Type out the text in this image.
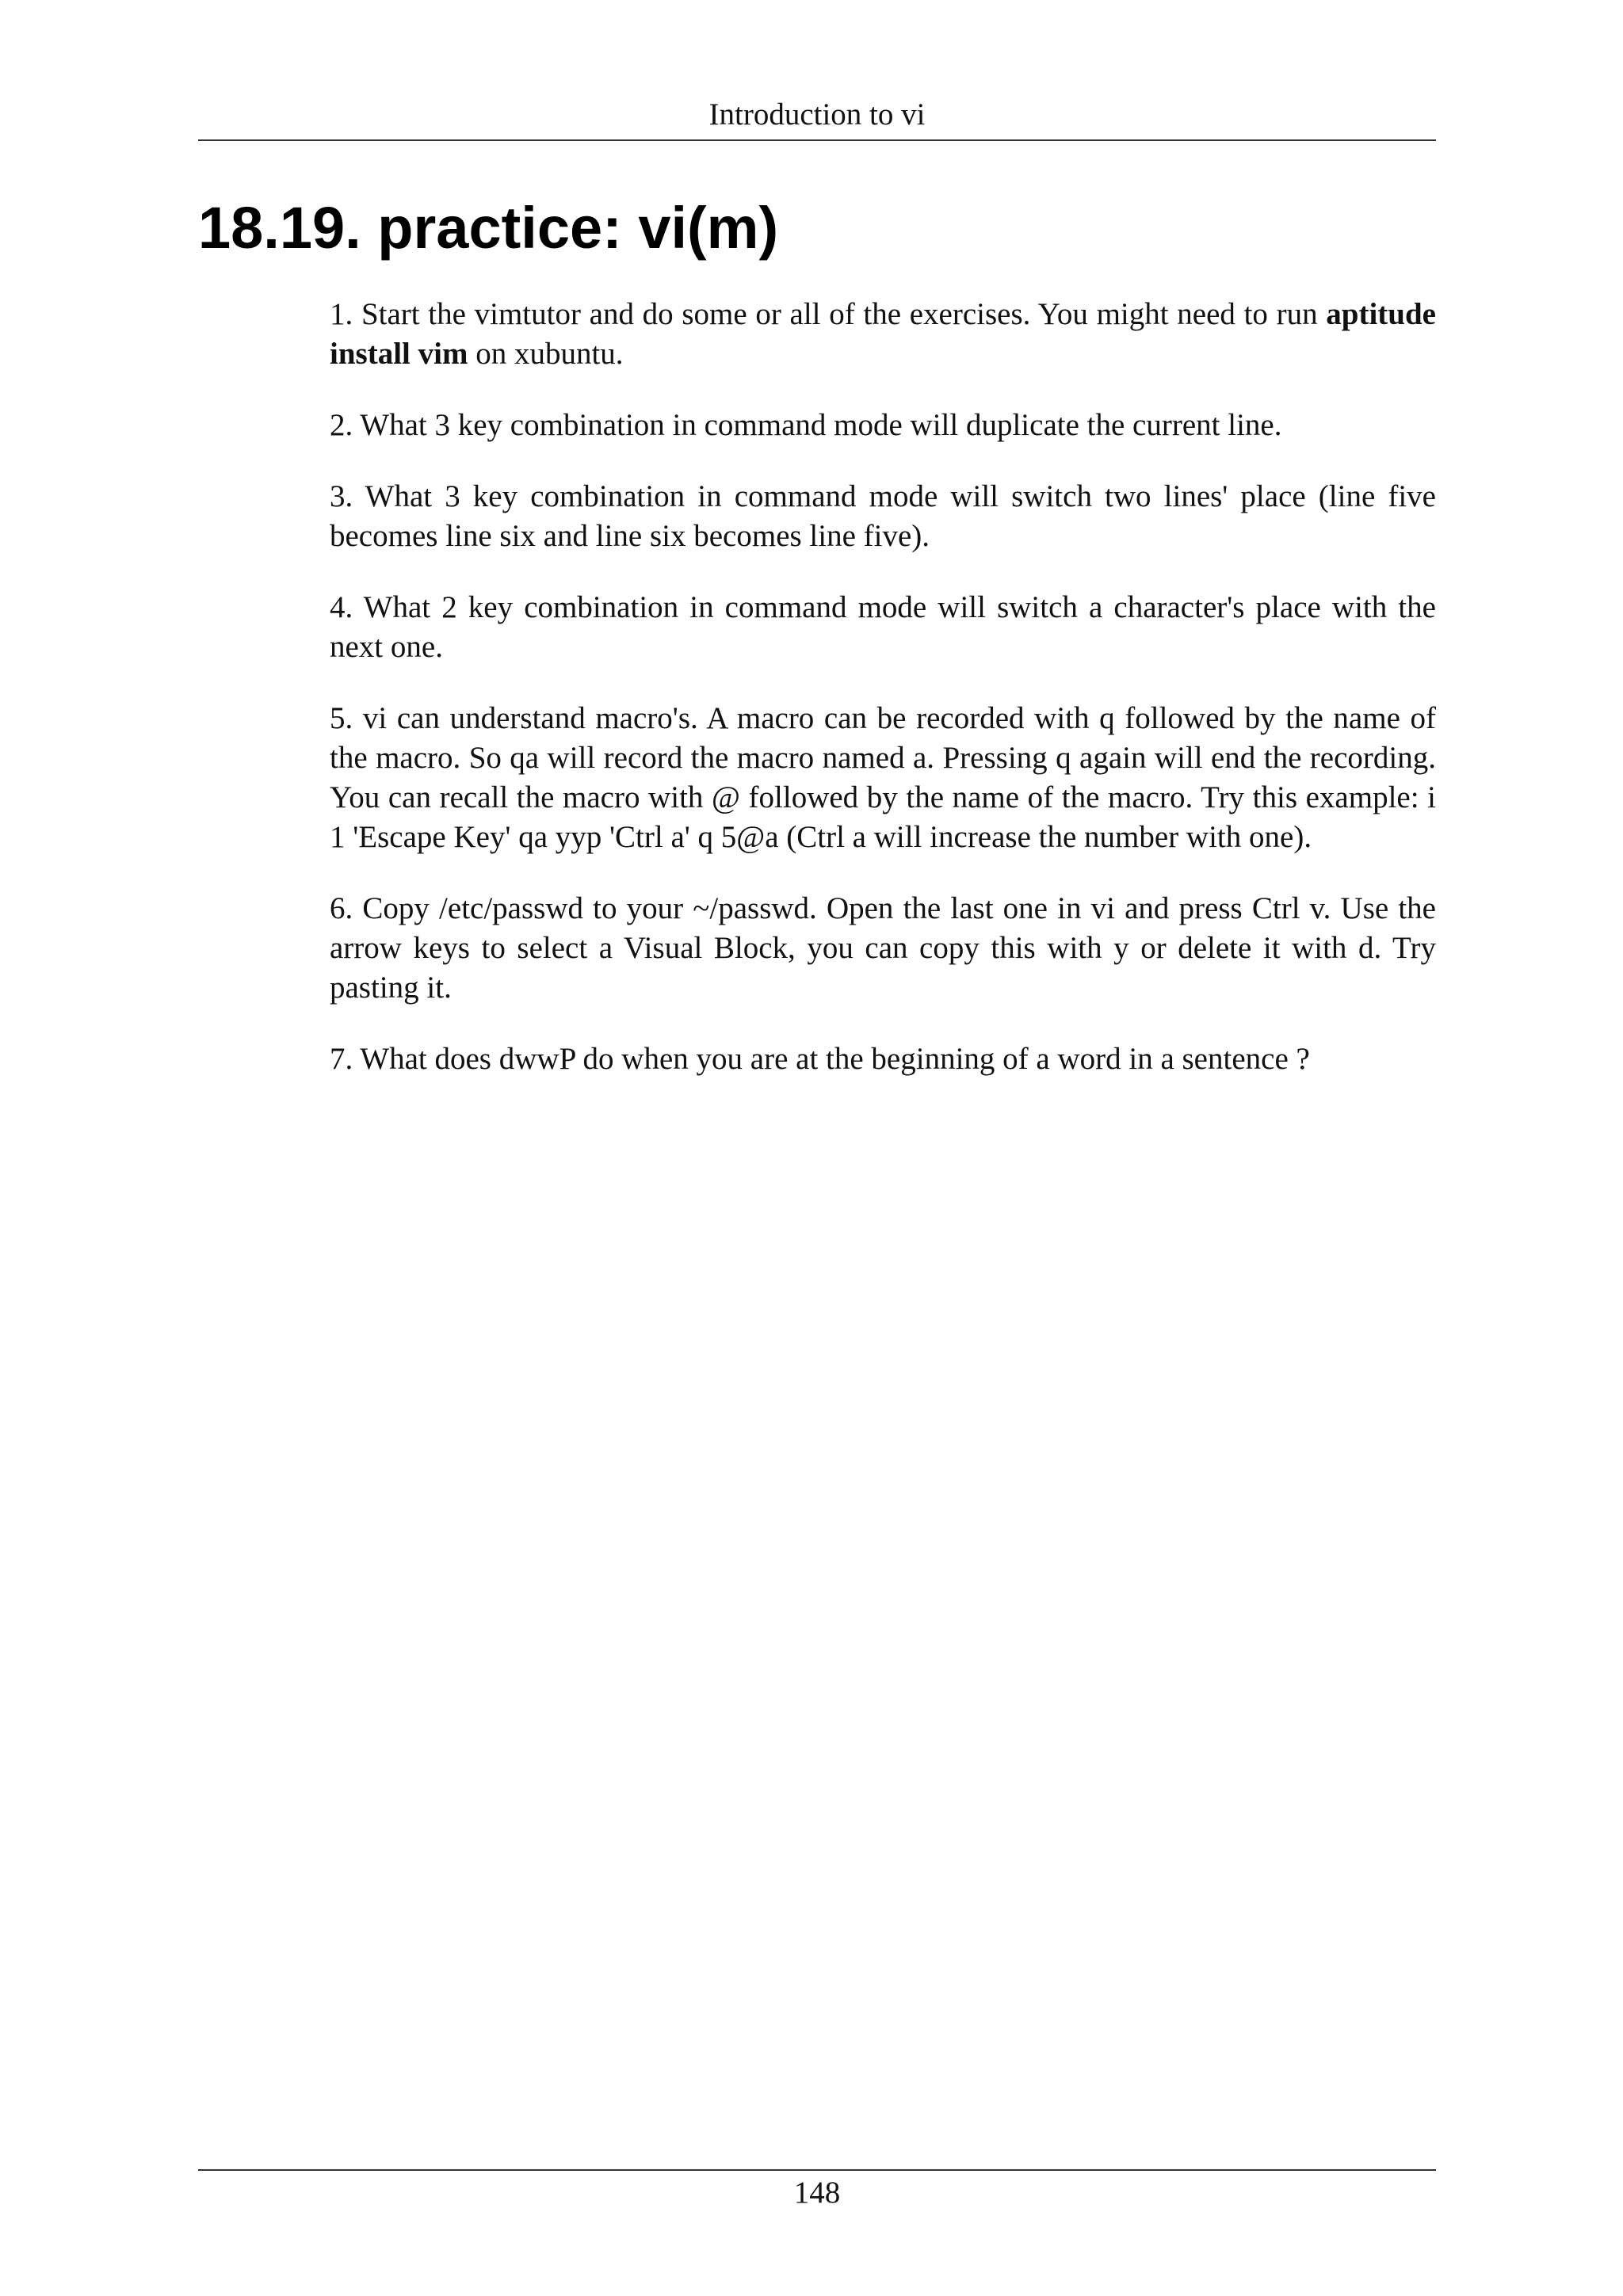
Introduction to vi
18.19. practice: vi(m)

1. Start the vimtutor and do some or all of the exercises. You might need to run aptitude install vim on xubuntu.

2. What 3 key combination in command mode will duplicate the current line.

3. What 3 key combination in command mode will switch two lines' place (line five becomes line six and line six becomes line five).

4. What 2 key combination in command mode will switch a character's place with the next one.

5. vi can understand macro's. A macro can be recorded with q followed by the name of the macro. So qa will record the macro named a. Pressing q again will end the recording. You can recall the macro with @ followed by the name of the macro. Try this example: i 1 'Escape Key' qa yyp 'Ctrl a' q 5@a (Ctrl a will increase the number with one).

6. Copy /etc/passwd to your ~/passwd. Open the last one in vi and press Ctrl v. Use the arrow keys to select a Visual Block, you can copy this with y or delete it with d. Try pasting it.

7. What does dwwP do when you are at the beginning of a word in a sentence ?

148
